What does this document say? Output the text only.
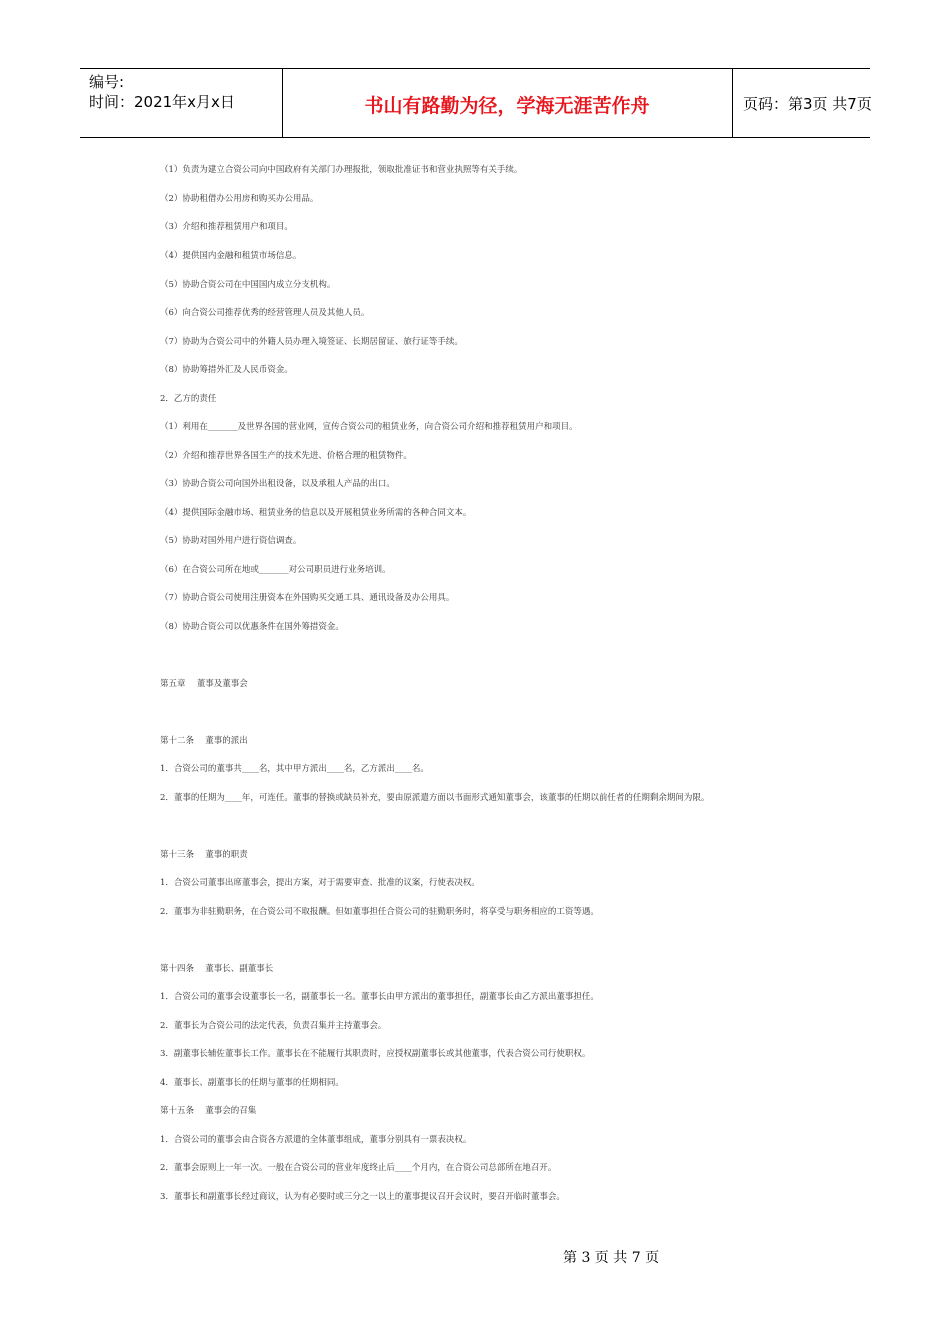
编号:
时间：2021年x月x日	书山有路勤为径，学海无涯苦作舟	页码：第3页 共7页
（1）负责为建立合资公司向中国政府有关部门办理报批，领取批准证书和营业执照等有关手续。
（2）协助租借办公用房和购买办公用品。
（3）介绍和推荐租赁用户和项目。
（4）提供国内金融和租赁市场信息。
（5）协助合资公司在中国国内成立分支机构。
（6）向合资公司推荐优秀的经营管理人员及其他人员。
（7）协助为合资公司中的外籍人员办理入境签证、长期居留证、旅行证等手续。
（8）协助筹措外汇及人民币资金。
2．乙方的责任
（1）利用在_______及世界各国的营业网，宣传合资公司的租赁业务，向合资公司介绍和推荐租赁用户和项目。
（2）介绍和推荐世界各国生产的技术先进、价格合理的租赁物件。
（3）协助合资公司向国外出租设备，以及承租人产品的出口。
（4）提供国际金融市场、租赁业务的信息以及开展租赁业务所需的各种合同文本。
（5）协助对国外用户进行资信调查。
（6）在合资公司所在地或_______对公司职员进行业务培训。
（7）协助合资公司使用注册资本在外国购买交通工具、通讯设备及办公用具。
（8）协助合资公司以优惠条件在国外筹措资金。
第五章　 董事及董事会
第十二条　 董事的派出
1．合资公司的董事共____名，其中甲方派出____名，乙方派出____名。
2．董事的任期为____年，可连任。董事的替换或缺员补充，要由原派遣方面以书面形式通知董事会，该董事的任期以前任者的任期剩余期间为限。
第十三条　 董事的职责
1．合资公司董事出席董事会，提出方案，对于需要审查、批准的议案，行使表决权。
2．董事为非驻勤职务，在合资公司不取报酬。但如董事担任合资公司的驻勤职务时，将享受与职务相应的工资等遇。
第十四条　 董事长、副董事长
1．合资公司的董事会设董事长一名，副董事长一名。董事长由甲方派出的董事担任，副董事长由乙方派出董事担任。
2．董事长为合资公司的法定代表，负责召集并主持董事会。
3．副董事长辅佐董事长工作。董事长在不能履行其职责时，应授权副董事长或其他董事，代表合资公司行使职权。
4．董事长、副董事长的任期与董事的任期相同。
第十五条　 董事会的召集
1．合资公司的董事会由合资各方派遣的全体董事组成，董事分别具有一票表决权。
2．董事会原则上一年一次。一般在合资公司的营业年度终止后____个月内，在合资公司总部所在地召开。
3．董事长和副董事长经过商议，认为有必要时或三分之一以上的董事提议召开会议时，要召开临时董事会。
第 3 页 共 7 页
